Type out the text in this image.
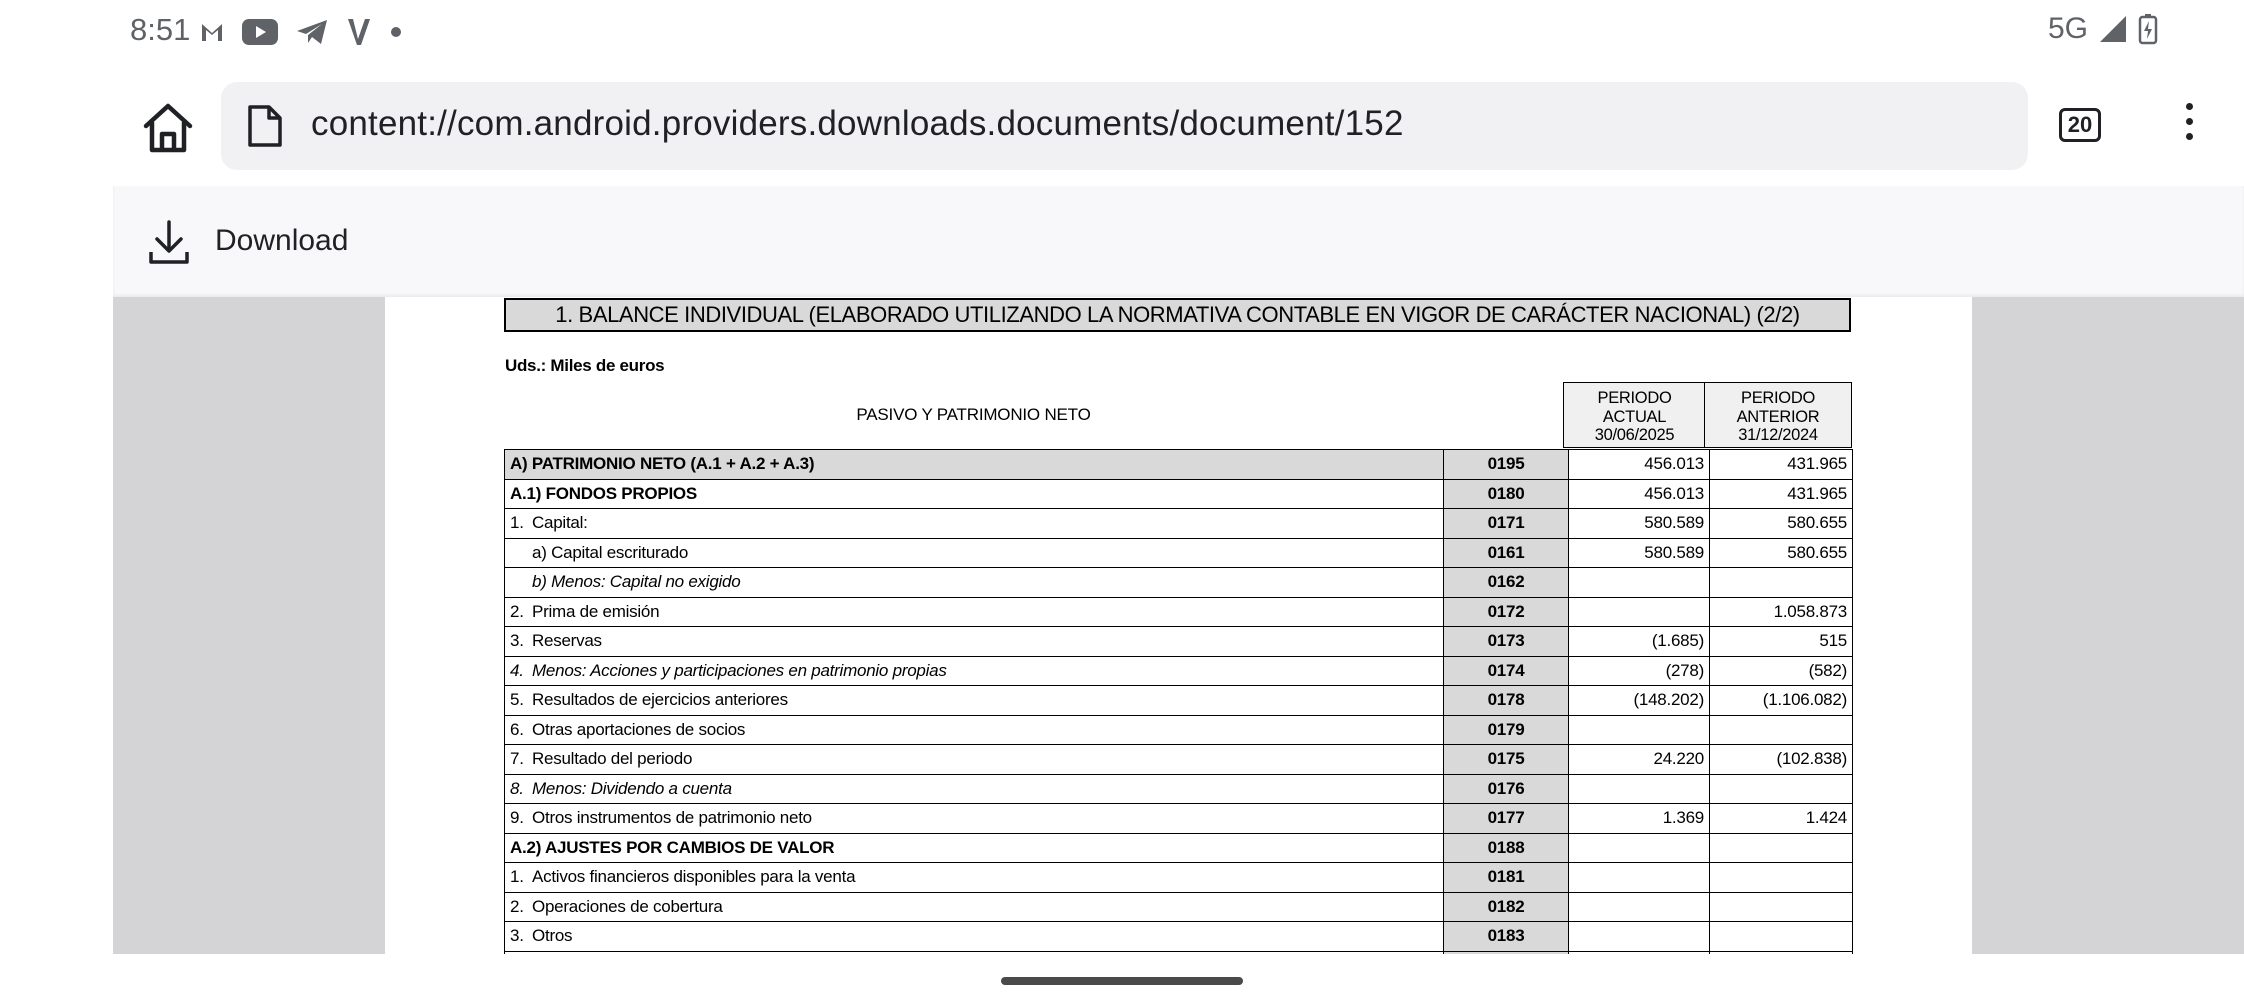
8:51	5G
content://com.android.providers.downloads.documents/document/152	20
Download
1. BALANCE INDIVIDUAL (ELABORADO UTILIZANDO LA NORMATIVA CONTABLE EN VIGOR DE CARÁCTER NACIONAL) (2/2)
Uds.: Miles de euros
PASIVO Y PATRIMONIO NETO
PERIODO
ACTUAL
30/06/2025
PERIODO
ANTERIOR
31/12/2024
A) PATRIMONIO NETO (A.1 + A.2 + A.3)	0195	456.013	431.965
A.1) FONDOS PROPIOS	0180	456.013	431.965
1. Capital:	0171	580.589	580.655
a) Capital escriturado	0161	580.589	580.655
b) Menos: Capital no exigido	0162		
2. Prima de emisión	0172		1.058.873
3. Reservas	0173	(1.685)	515
4. Menos: Acciones y participaciones en patrimonio propias	0174	(278)	(582)
5. Resultados de ejercicios anteriores	0178	(148.202)	(1.106.082)
6. Otras aportaciones de socios	0179		
7. Resultado del periodo	0175	24.220	(102.838)
8. Menos: Dividendo a cuenta	0176		
9. Otros instrumentos de patrimonio neto	0177	1.369	1.424
A.2) AJUSTES POR CAMBIOS DE VALOR	0188		
1. Activos financieros disponibles para la venta	0181		
2. Operaciones de cobertura	0182		
3. Otros	0183		
